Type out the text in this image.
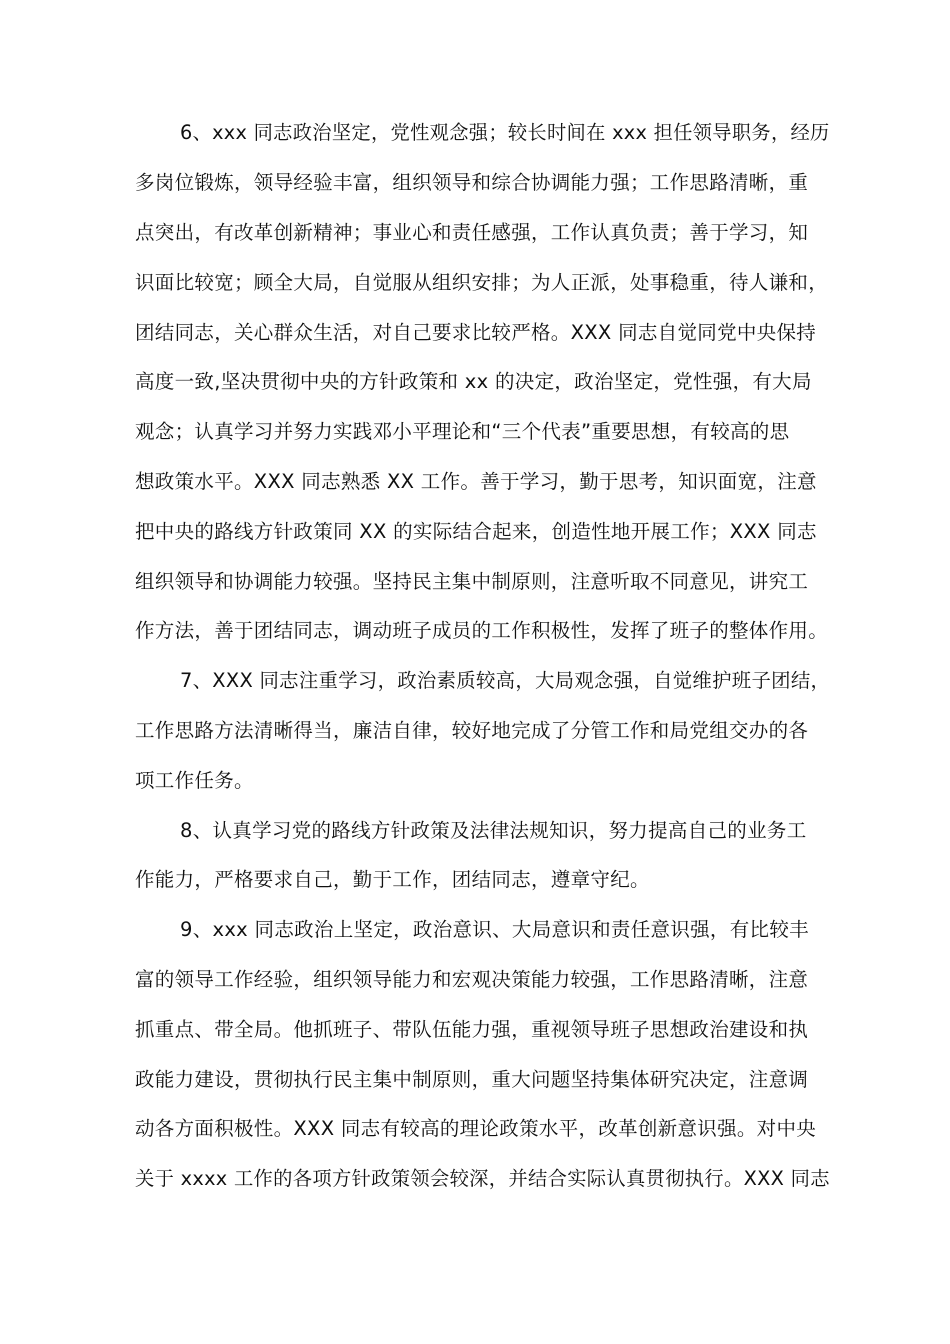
6、xxx 同志政治坚定，党性观念强；较长时间在 xxx 担任领导职务，经历
多岗位锻炼，领导经验丰富，组织领导和综合协调能力强；工作思路清晰，重
点突出，有改革创新精神；事业心和责任感强，工作认真负责；善于学习，知
识面比较宽；顾全大局，自觉服从组织安排；为人正派，处事稳重，待人谦和，
团结同志，关心群众生活，对自己要求比较严格。XXX 同志自觉同党中央保持
高度一致,坚决贯彻中央的方针政策和 xx 的决定，政治坚定，党性强，有大局
观念；认真学习并努力实践邓小平理论和“三个代表”重要思想，有较高的思
想政策水平。XXX 同志熟悉 XX 工作。善于学习，勤于思考，知识面宽，注意
把中央的路线方针政策同 XX 的实际结合起来，创造性地开展工作；XXX 同志
组织领导和协调能力较强。坚持民主集中制原则，注意听取不同意见，讲究工
作方法，善于团结同志，调动班子成员的工作积极性，发挥了班子的整体作用。
7、XXX 同志注重学习，政治素质较高，大局观念强，自觉维护班子团结，
工作思路方法清晰得当，廉洁自律，较好地完成了分管工作和局党组交办的各
项工作任务。
8、认真学习党的路线方针政策及法律法规知识，努力提高自己的业务工
作能力，严格要求自己，勤于工作，团结同志，遵章守纪。
9、xxx 同志政治上坚定，政治意识、大局意识和责任意识强，有比较丰
富的领导工作经验，组织领导能力和宏观决策能力较强，工作思路清晰，注意
抓重点、带全局。他抓班子、带队伍能力强，重视领导班子思想政治建设和执
政能力建设，贯彻执行民主集中制原则，重大问题坚持集体研究决定，注意调
动各方面积极性。XXX 同志有较高的理论政策水平，改革创新意识强。对中央
关于 xxxx 工作的各项方针政策领会较深，并结合实际认真贯彻执行。XXX 同志
